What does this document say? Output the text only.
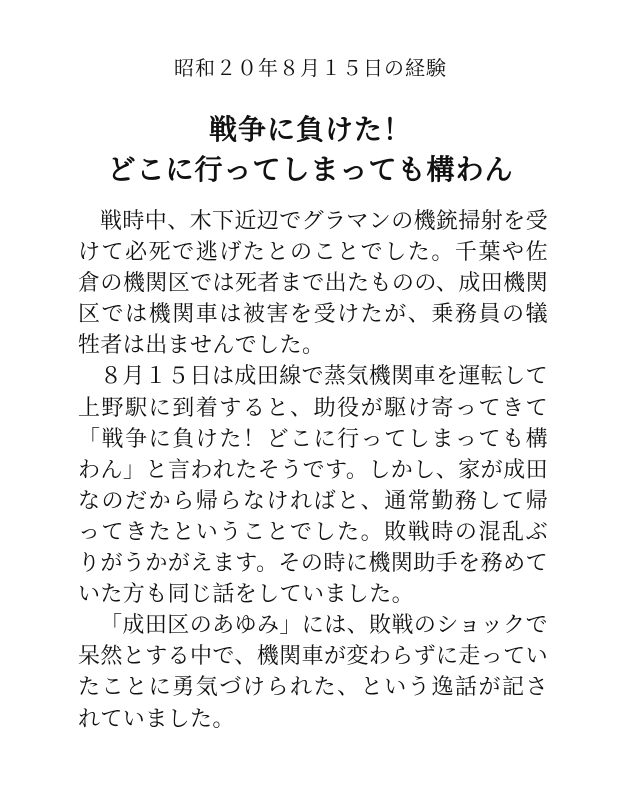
昭和２０年８月１５日の経験
戦争に負けた！
どこに行ってしまっても構わん

戦時中、木下近辺でグラマンの機銃掃射を受けて必死で逃げたとのことでした。千葉や佐倉の機関区では死者まで出たものの、成田機関区では機関車は被害を受けたが、乗務員の犠牲者は出ませんでした。

８月１５日は成田線で蒸気機関車を運転して上野駅に到着すると、助役が駆け寄ってきて「戦争に負けた！どこに行ってしまっても構わん」と言われたそうです。しかし、家が成田なのだから帰らなければと、通常勤務して帰ってきたということでした。敗戦時の混乱ぶりがうかがえます。その時に機関助手を務めていた方も同じ話をしていました。

「成田区のあゆみ」には、敗戦のショックで呆然とする中で、機関車が変わらずに走っていたことに勇気づけられた、という逸話が記されていました。
